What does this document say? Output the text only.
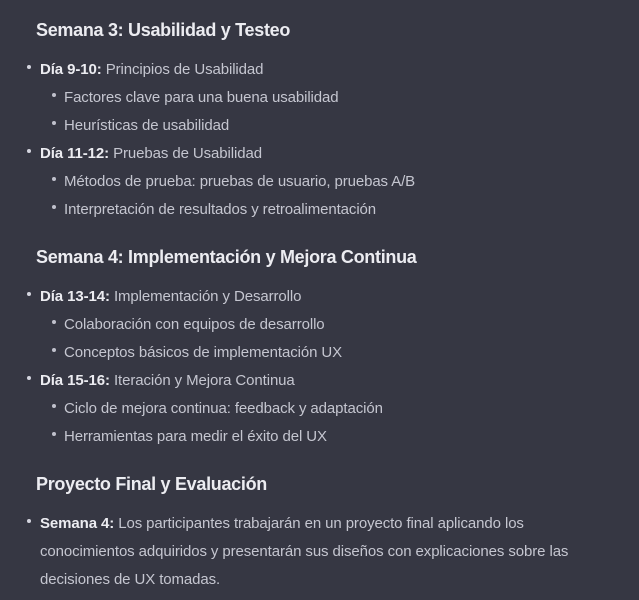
Semana 3: Usabilidad y Testeo
Día 9-10: Principios de Usabilidad
Factores clave para una buena usabilidad
Heurísticas de usabilidad
Día 11-12: Pruebas de Usabilidad
Métodos de prueba: pruebas de usuario, pruebas A/B
Interpretación de resultados y retroalimentación
Semana 4: Implementación y Mejora Continua
Día 13-14: Implementación y Desarrollo
Colaboración con equipos de desarrollo
Conceptos básicos de implementación UX
Día 15-16: Iteración y Mejora Continua
Ciclo de mejora continua: feedback y adaptación
Herramientas para medir el éxito del UX
Proyecto Final y Evaluación
Semana 4: Los participantes trabajarán en un proyecto final aplicando los conocimientos adquiridos y presentarán sus diseños con explicaciones sobre las decisiones de UX tomadas.
